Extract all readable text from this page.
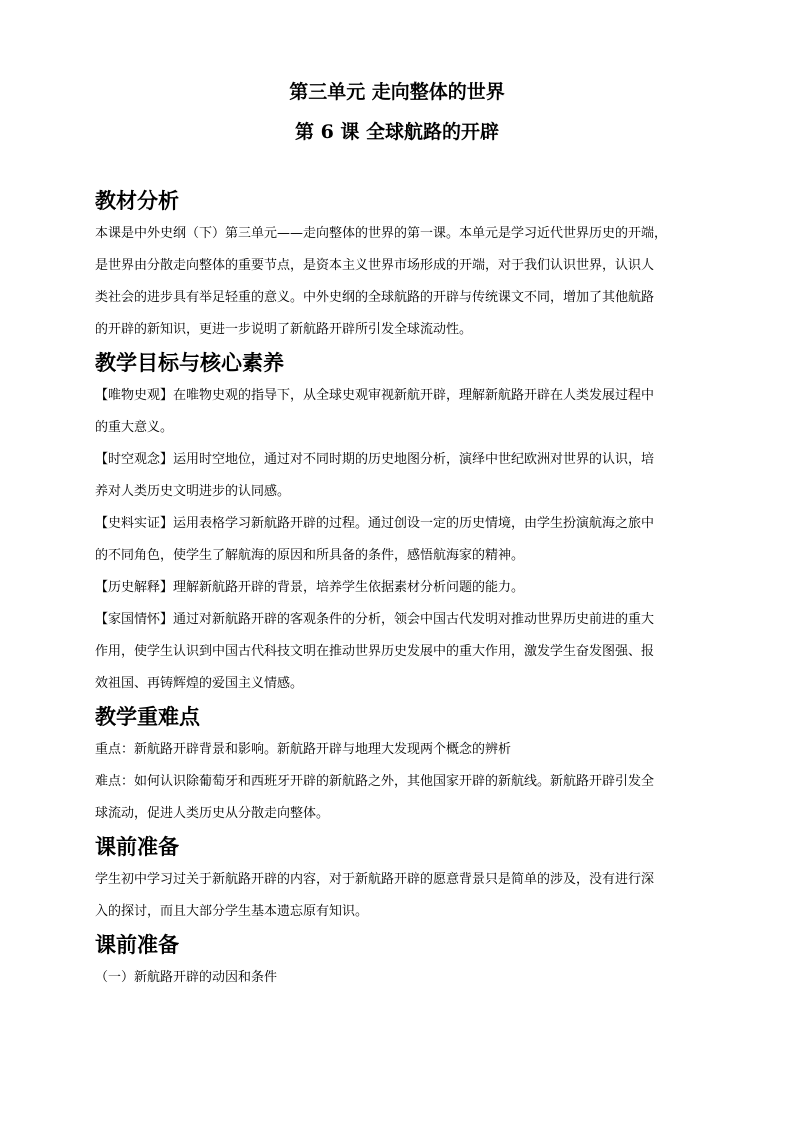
第三单元 走向整体的世界
第 6 课 全球航路的开辟
教材分析

本课是中外史纲（下）第三单元——走向整体的世界的第一课。本单元是学习近代世界历史的开端，

是世界由分散走向整体的重要节点，是资本主义世界市场形成的开端，对于我们认识世界，认识人

类社会的进步具有举足轻重的意义。中外史纲的全球航路的开辟与传统课文不同，增加了其他航路

的开辟的新知识，更进一步说明了新航路开辟所引发全球流动性。

教学目标与核心素养

【唯物史观】在唯物史观的指导下，从全球史观审视新航开辟，理解新航路开辟在人类发展过程中

的重大意义。

【时空观念】运用时空地位，通过对不同时期的历史地图分析，演绎中世纪欧洲对世界的认识，培

养对人类历史文明进步的认同感。

【史料实证】运用表格学习新航路开辟的过程。通过创设一定的历史情境，由学生扮演航海之旅中

的不同角色，使学生了解航海的原因和所具备的条件，感悟航海家的精神。

【历史解释】理解新航路开辟的背景，培养学生依据素材分析问题的能力。

【家国情怀】通过对新航路开辟的客观条件的分析，领会中国古代发明对推动世界历史前进的重大

作用，使学生认识到中国古代科技文明在推动世界历史发展中的重大作用，激发学生奋发图强、报

效祖国、再铸辉煌的爱国主义情感。

教学重难点

重点：新航路开辟背景和影响。新航路开辟与地理大发现两个概念的辨析

难点：如何认识除葡萄牙和西班牙开辟的新航路之外，其他国家开辟的新航线。新航路开辟引发全

球流动，促进人类历史从分散走向整体。

课前准备

学生初中学习过关于新航路开辟的内容，对于新航路开辟的愿意背景只是简单的涉及，没有进行深

入的探讨，而且大部分学生基本遗忘原有知识。

课前准备

（一）新航路开辟的动因和条件
